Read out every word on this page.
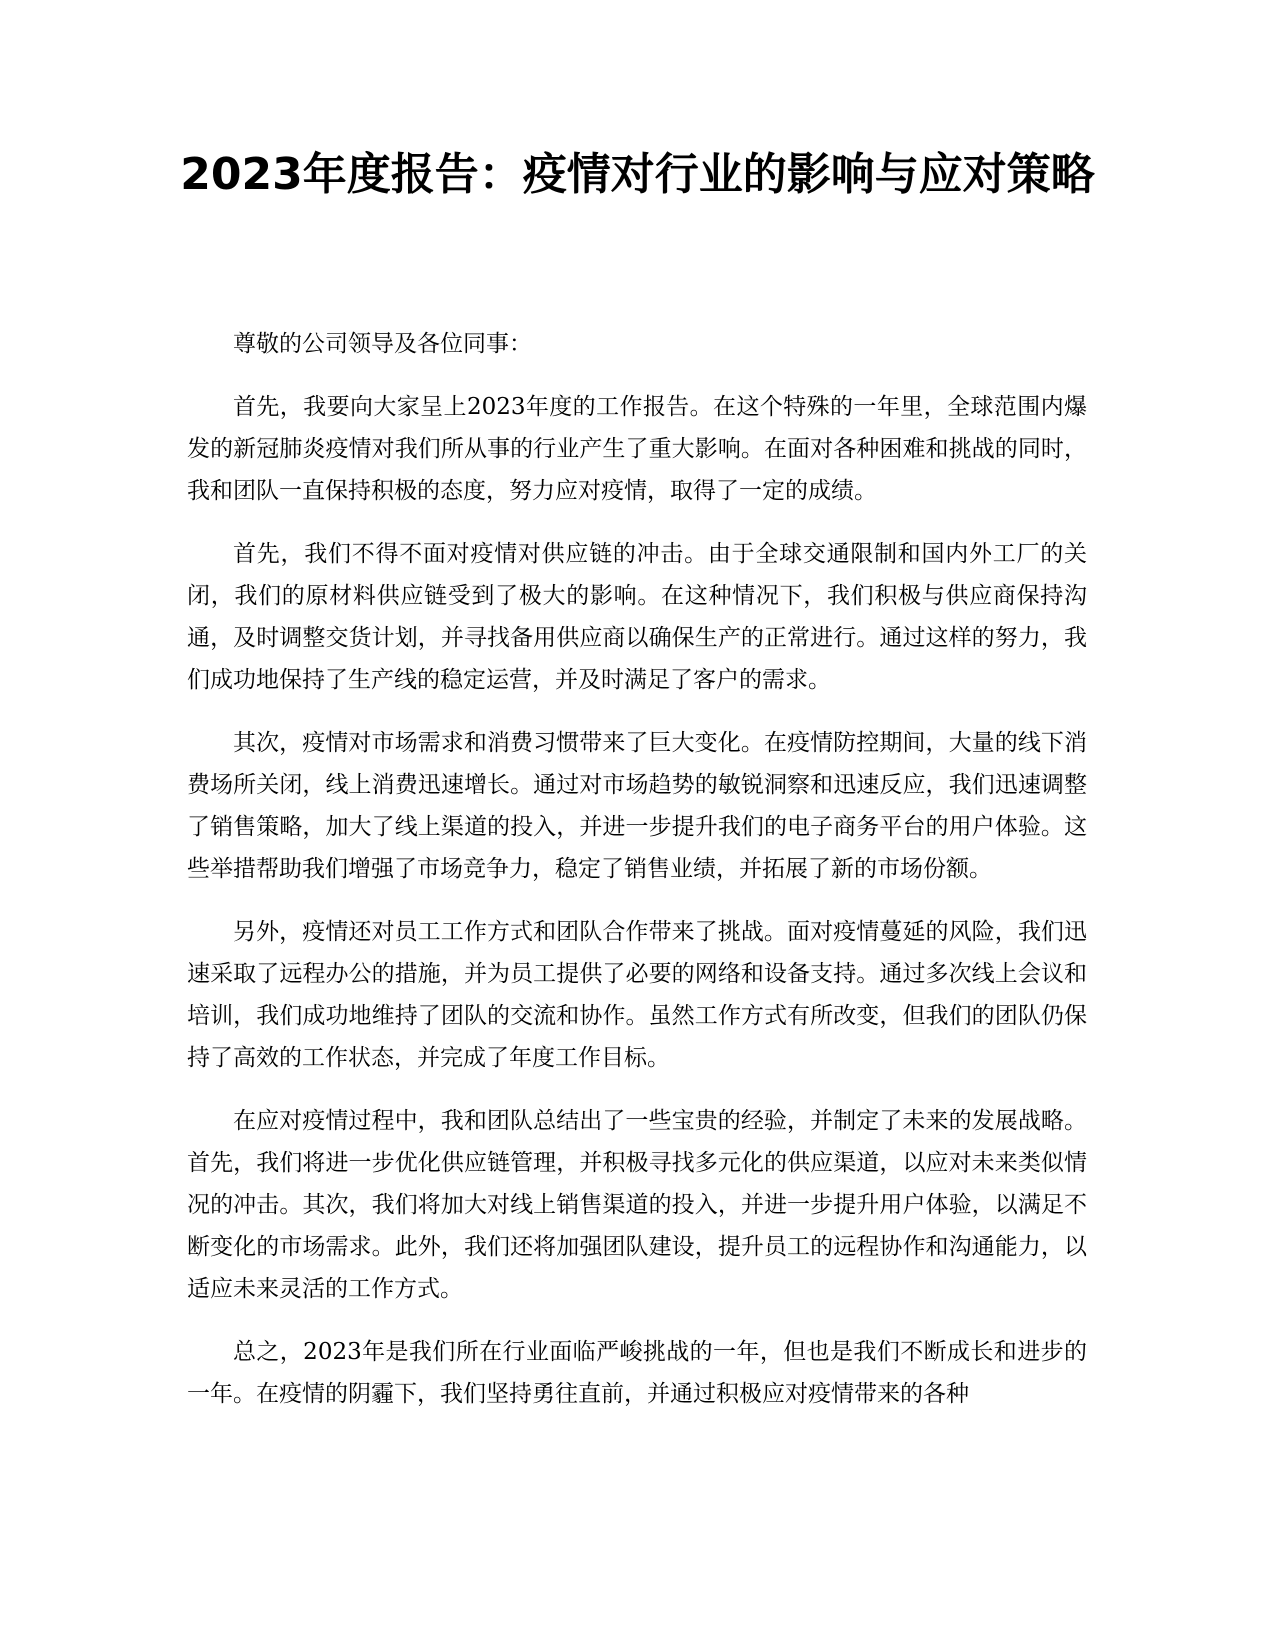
2023年度报告：疫情对行业的影响与应对策略

尊敬的公司领导及各位同事：

首先，我要向大家呈上2023年度的工作报告。在这个特殊的一年里，全球范围内爆发的新冠肺炎疫情对我们所从事的行业产生了重大影响。在面对各种困难和挑战的同时，我和团队一直保持积极的态度，努力应对疫情，取得了一定的成绩。

首先，我们不得不面对疫情对供应链的冲击。由于全球交通限制和国内外工厂的关闭，我们的原材料供应链受到了极大的影响。在这种情况下，我们积极与供应商保持沟通，及时调整交货计划，并寻找备用供应商以确保生产的正常进行。通过这样的努力，我们成功地保持了生产线的稳定运营，并及时满足了客户的需求。

其次，疫情对市场需求和消费习惯带来了巨大变化。在疫情防控期间，大量的线下消费场所关闭，线上消费迅速增长。通过对市场趋势的敏锐洞察和迅速反应，我们迅速调整了销售策略，加大了线上渠道的投入，并进一步提升我们的电子商务平台的用户体验。这些举措帮助我们增强了市场竞争力，稳定了销售业绩，并拓展了新的市场份额。

另外，疫情还对员工工作方式和团队合作带来了挑战。面对疫情蔓延的风险，我们迅速采取了远程办公的措施，并为员工提供了必要的网络和设备支持。通过多次线上会议和培训，我们成功地维持了团队的交流和协作。虽然工作方式有所改变，但我们的团队仍保持了高效的工作状态，并完成了年度工作目标。

在应对疫情过程中，我和团队总结出了一些宝贵的经验，并制定了未来的发展战略。首先，我们将进一步优化供应链管理，并积极寻找多元化的供应渠道，以应对未来类似情况的冲击。其次，我们将加大对线上销售渠道的投入，并进一步提升用户体验，以满足不断变化的市场需求。此外，我们还将加强团队建设，提升员工的远程协作和沟通能力，以适应未来灵活的工作方式。

总之，2023年是我们所在行业面临严峻挑战的一年，但也是我们不断成长和进步的一年。在疫情的阴霾下，我们坚持勇往直前，并通过积极应对疫情带来的各种
